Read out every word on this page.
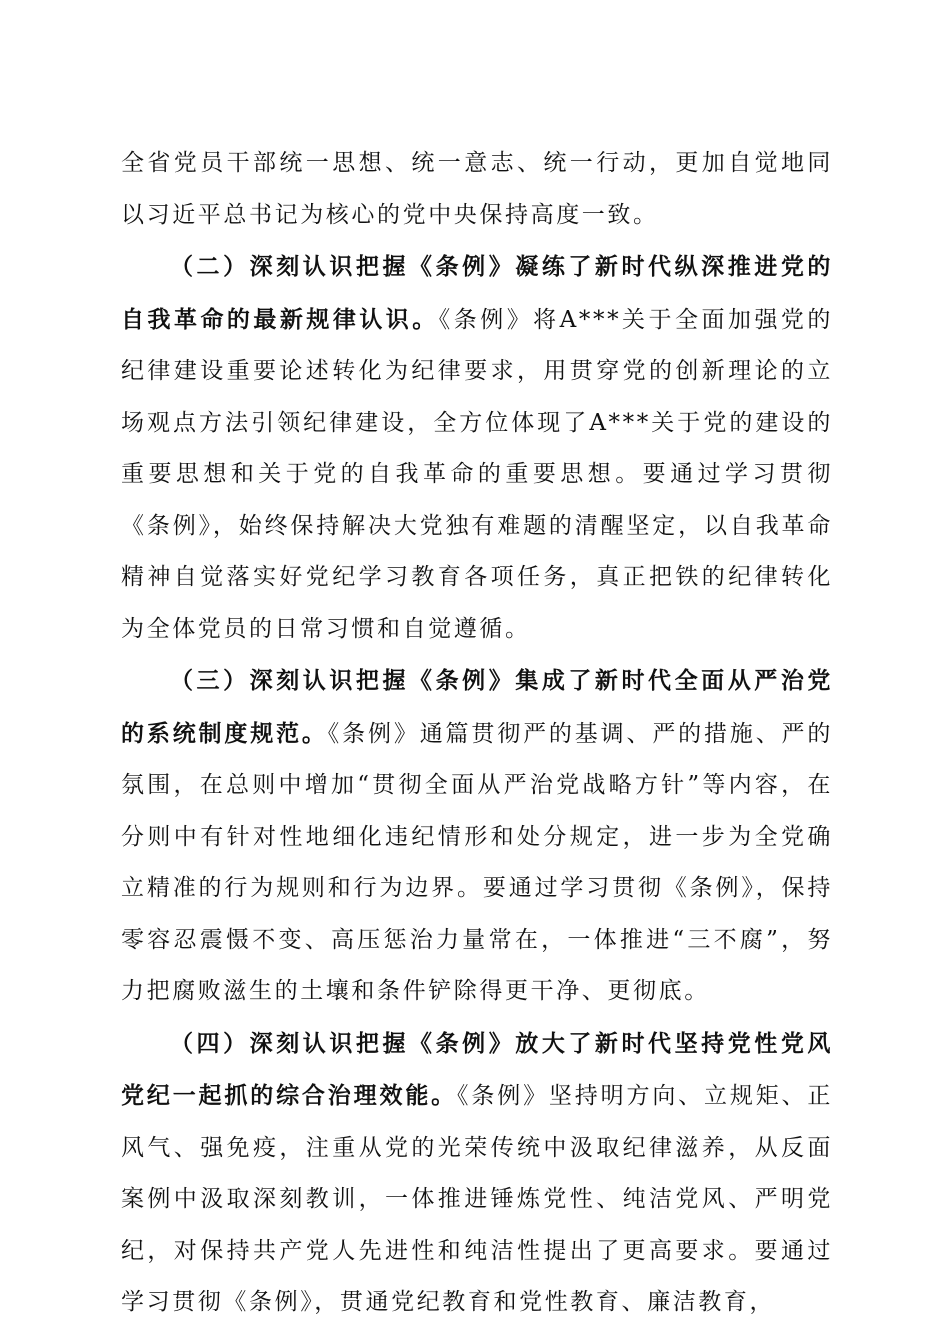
全省党员干部统一思想、统一意志、统一行动，更加自觉地同以习近平总书记为核心的党中央保持高度一致。

（二）深刻认识把握《条例》凝练了新时代纵深推进党的自我革命的最新规律认识。《条例》将A***关于全面加强党的纪律建设重要论述转化为纪律要求，用贯穿党的创新理论的立场观点方法引领纪律建设，全方位体现了A***关于党的建设的重要思想和关于党的自我革命的重要思想。要通过学习贯彻《条例》，始终保持解决大党独有难题的清醒坚定，以自我革命精神自觉落实好党纪学习教育各项任务，真正把铁的纪律转化为全体党员的日常习惯和自觉遵循。

（三）深刻认识把握《条例》集成了新时代全面从严治党的系统制度规范。《条例》通篇贯彻严的基调、严的措施、严的氛围，在总则中增加“贯彻全面从严治党战略方针”等内容，在分则中有针对性地细化违纪情形和处分规定，进一步为全党确立精准的行为规则和行为边界。要通过学习贯彻《条例》，保持零容忍震慑不变、高压惩治力量常在，一体推进“三不腐”，努力把腐败滋生的土壤和条件铲除得更干净、更彻底。

（四）深刻认识把握《条例》放大了新时代坚持党性党风党纪一起抓的综合治理效能。《条例》坚持明方向、立规矩、正风气、强免疫，注重从党的光荣传统中汲取纪律滋养，从反面案例中汲取深刻教训，一体推进锤炼党性、纯洁党风、严明党纪，对保持共产党人先进性和纯洁性提出了更高要求。要通过学习贯彻《条例》，贯通党纪教育和党性教育、廉洁教育，
